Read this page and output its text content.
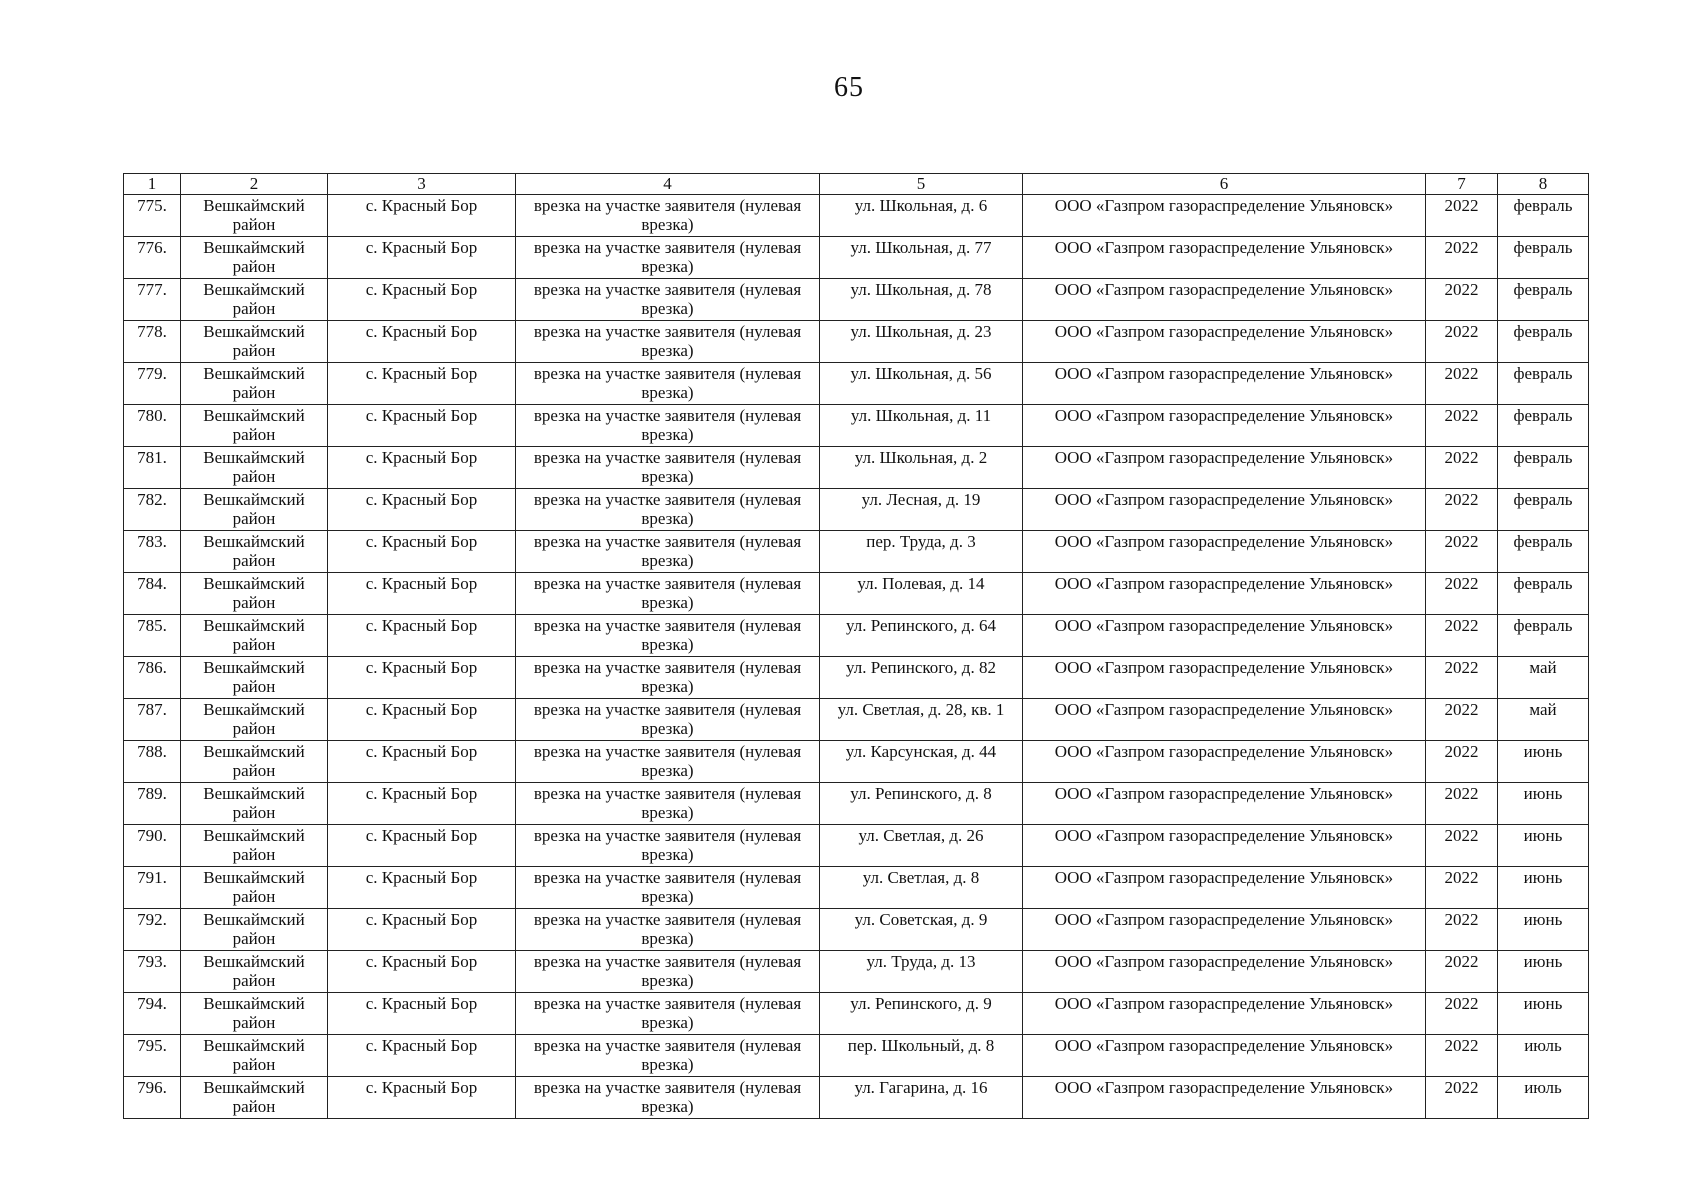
65
1	2	3	4	5	6	7	8
775.	Вешкаймский район	с. Красный Бор	врезка на участке заявителя (нулевая врезка)	ул. Школьная, д. 6	ООО «Газпром газораспределение Ульяновск»	2022	февраль
776.	Вешкаймский район	с. Красный Бор	врезка на участке заявителя (нулевая врезка)	ул. Школьная, д. 77	ООО «Газпром газораспределение Ульяновск»	2022	февраль
777.	Вешкаймский район	с. Красный Бор	врезка на участке заявителя (нулевая врезка)	ул. Школьная, д. 78	ООО «Газпром газораспределение Ульяновск»	2022	февраль
778.	Вешкаймский район	с. Красный Бор	врезка на участке заявителя (нулевая врезка)	ул. Школьная, д. 23	ООО «Газпром газораспределение Ульяновск»	2022	февраль
779.	Вешкаймский район	с. Красный Бор	врезка на участке заявителя (нулевая врезка)	ул. Школьная, д. 56	ООО «Газпром газораспределение Ульяновск»	2022	февраль
780.	Вешкаймский район	с. Красный Бор	врезка на участке заявителя (нулевая врезка)	ул. Школьная, д. 11	ООО «Газпром газораспределение Ульяновск»	2022	февраль
781.	Вешкаймский район	с. Красный Бор	врезка на участке заявителя (нулевая врезка)	ул. Школьная, д. 2	ООО «Газпром газораспределение Ульяновск»	2022	февраль
782.	Вешкаймский район	с. Красный Бор	врезка на участке заявителя (нулевая врезка)	ул. Лесная, д. 19	ООО «Газпром газораспределение Ульяновск»	2022	февраль
783.	Вешкаймский район	с. Красный Бор	врезка на участке заявителя (нулевая врезка)	пер. Труда, д. 3	ООО «Газпром газораспределение Ульяновск»	2022	февраль
784.	Вешкаймский район	с. Красный Бор	врезка на участке заявителя (нулевая врезка)	ул. Полевая, д. 14	ООО «Газпром газораспределение Ульяновск»	2022	февраль
785.	Вешкаймский район	с. Красный Бор	врезка на участке заявителя (нулевая врезка)	ул. Репинского, д. 64	ООО «Газпром газораспределение Ульяновск»	2022	февраль
786.	Вешкаймский район	с. Красный Бор	врезка на участке заявителя (нулевая врезка)	ул. Репинского, д. 82	ООО «Газпром газораспределение Ульяновск»	2022	май
787.	Вешкаймский район	с. Красный Бор	врезка на участке заявителя (нулевая врезка)	ул. Светлая, д. 28, кв. 1	ООО «Газпром газораспределение Ульяновск»	2022	май
788.	Вешкаймский район	с. Красный Бор	врезка на участке заявителя (нулевая врезка)	ул. Карсунская, д. 44	ООО «Газпром газораспределение Ульяновск»	2022	июнь
789.	Вешкаймский район	с. Красный Бор	врезка на участке заявителя (нулевая врезка)	ул. Репинского, д. 8	ООО «Газпром газораспределение Ульяновск»	2022	июнь
790.	Вешкаймский район	с. Красный Бор	врезка на участке заявителя (нулевая врезка)	ул. Светлая, д. 26	ООО «Газпром газораспределение Ульяновск»	2022	июнь
791.	Вешкаймский район	с. Красный Бор	врезка на участке заявителя (нулевая врезка)	ул. Светлая, д. 8	ООО «Газпром газораспределение Ульяновск»	2022	июнь
792.	Вешкаймский район	с. Красный Бор	врезка на участке заявителя (нулевая врезка)	ул. Советская, д. 9	ООО «Газпром газораспределение Ульяновск»	2022	июнь
793.	Вешкаймский район	с. Красный Бор	врезка на участке заявителя (нулевая врезка)	ул. Труда, д. 13	ООО «Газпром газораспределение Ульяновск»	2022	июнь
794.	Вешкаймский район	с. Красный Бор	врезка на участке заявителя (нулевая врезка)	ул. Репинского, д. 9	ООО «Газпром газораспределение Ульяновск»	2022	июнь
795.	Вешкаймский район	с. Красный Бор	врезка на участке заявителя (нулевая врезка)	пер. Школьный, д. 8	ООО «Газпром газораспределение Ульяновск»	2022	июль
796.	Вешкаймский район	с. Красный Бор	врезка на участке заявителя (нулевая врезка)	ул. Гагарина, д. 16	ООО «Газпром газораспределение Ульяновск»	2022	июль
